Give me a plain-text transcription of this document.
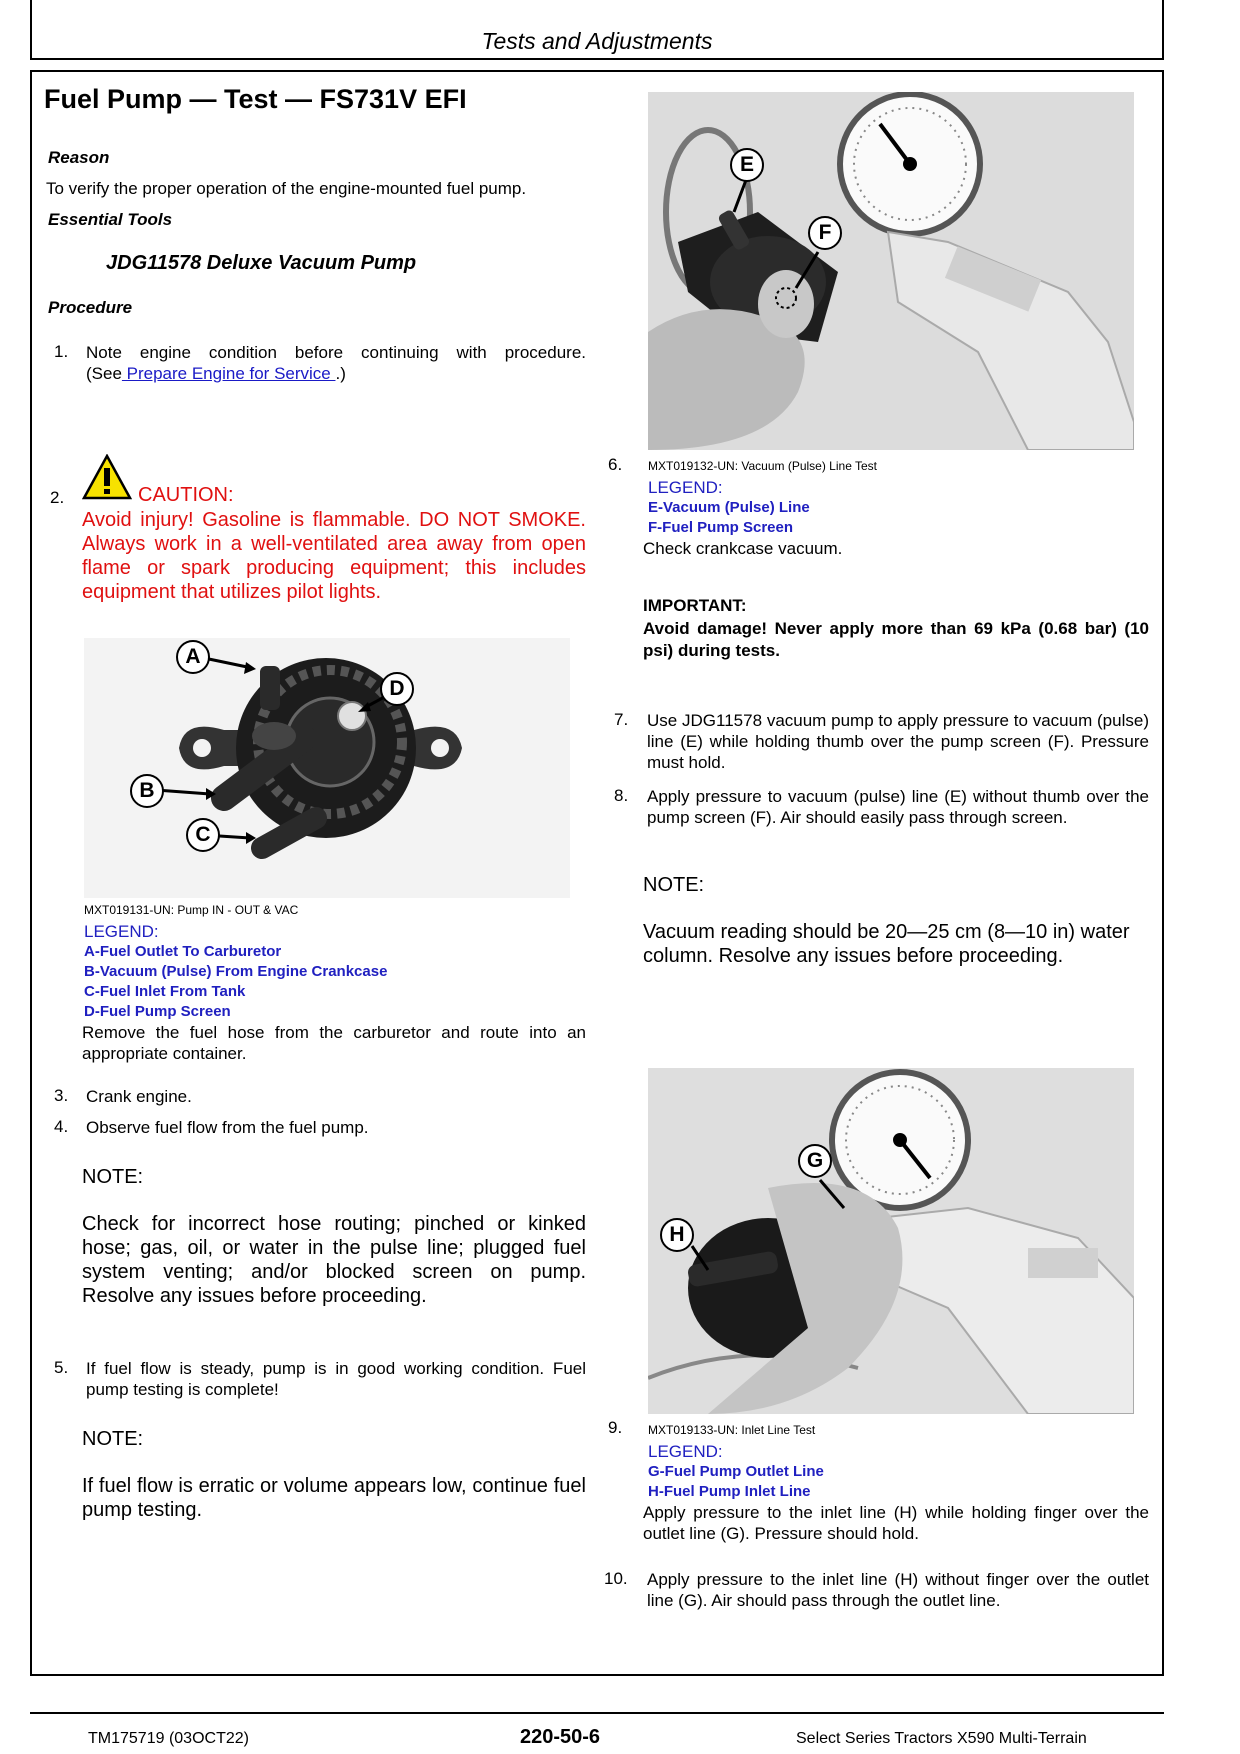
Tests and Adjustments
Fuel Pump — Test — FS731V EFI
Reason
To verify the proper operation of the engine-mounted fuel pump.
Essential Tools
JDG11578 Deluxe Vacuum Pump
Procedure
1. Note engine condition before continuing with procedure.
(See Prepare Engine for Service .)
2.	CAUTION:
Avoid injury! Gasoline is flammable. DO NOT SMOKE. Always work in a well-ventilated area away from open flame or spark producing equipment; this includes equipment that utilizes pilot lights.
A
B
C
D
MXT019131-UN: Pump IN - OUT & VAC
LEGEND:
A-Fuel Outlet To Carburetor
B-Vacuum (Pulse) From Engine Crankcase
C-Fuel Inlet From Tank
D-Fuel Pump Screen
Remove the fuel hose from the carburetor and route into an appropriate container.
3. Crank engine.
4. Observe fuel flow from the fuel pump.
NOTE:
Check for incorrect hose routing; pinched or kinked hose; gas, oil, or water in the pulse line; plugged fuel system venting; and/or blocked screen on pump. Resolve any issues before proceeding.
5. If fuel flow is steady, pump is in good working condition. Fuel pump testing is complete!
NOTE:
If fuel flow is erratic or volume appears low, continue fuel pump testing.
E
F
6. MXT019132-UN: Vacuum (Pulse) Line Test
LEGEND:
E-Vacuum (Pulse) Line
F-Fuel Pump Screen
Check crankcase vacuum.
IMPORTANT:
Avoid damage! Never apply more than 69 kPa (0.68 bar) (10 psi) during tests.
7. Use JDG11578 vacuum pump to apply pressure to vacuum (pulse) line (E) while holding thumb over the pump screen (F). Pressure must hold.
8. Apply pressure to vacuum (pulse) line (E) without thumb over the pump screen (F). Air should easily pass through screen.
NOTE:
Vacuum reading should be 20—25 cm (8—10 in) water column. Resolve any issues before proceeding.
G
H
9. MXT019133-UN: Inlet Line Test
LEGEND:
G-Fuel Pump Outlet Line
H-Fuel Pump Inlet Line
Apply pressure to the inlet line (H) while holding finger over the outlet line (G). Pressure should hold.
10. Apply pressure to the inlet line (H) without finger over the outlet line (G). Air should pass through the outlet line.
TM175719 (03OCT22)	220-50-6	Select Series Tractors X590 Multi-Terrain
